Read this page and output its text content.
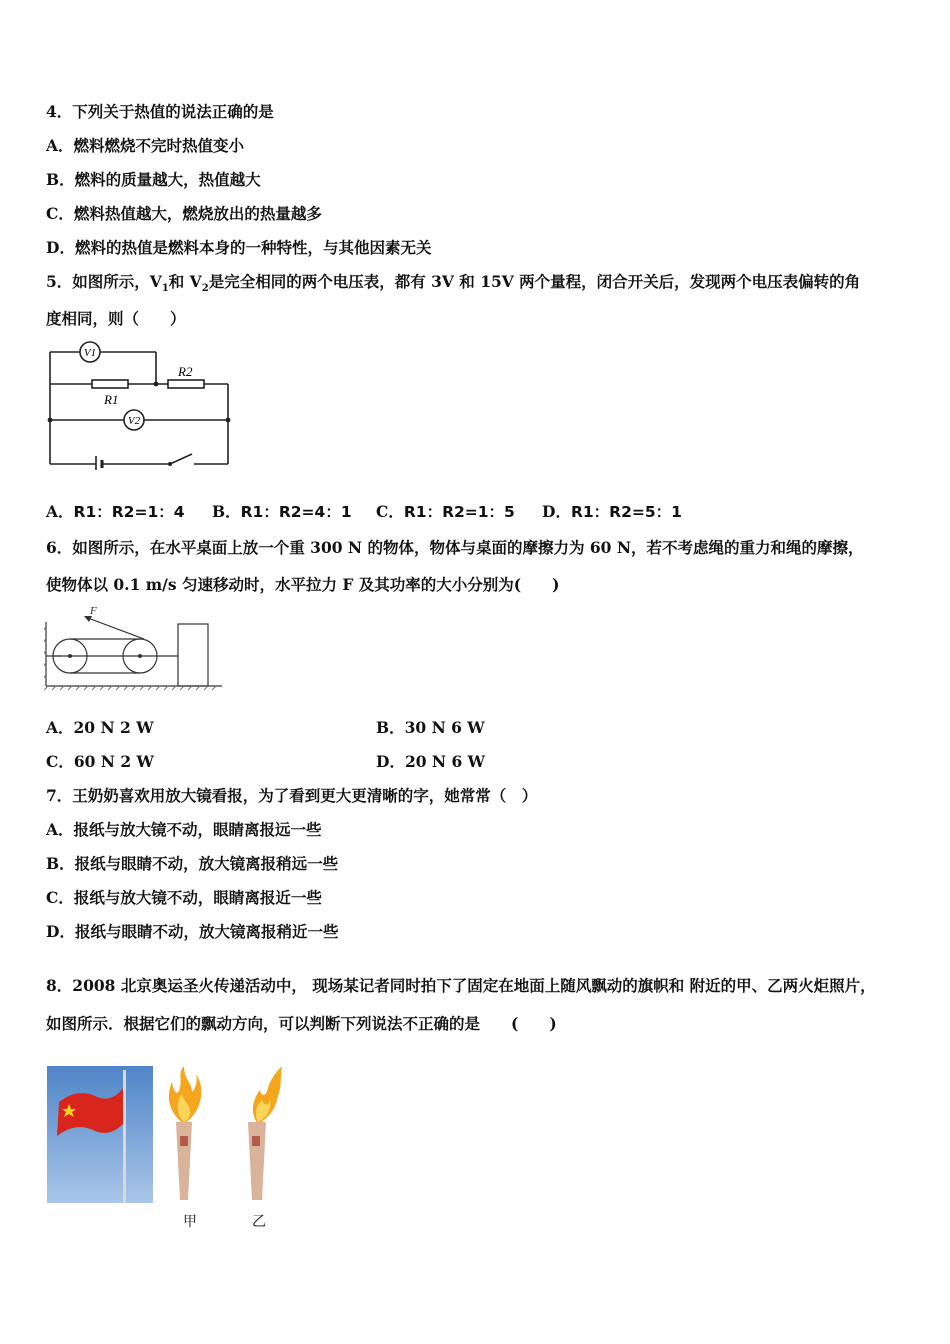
4．下列关于热值的说法正确的是
A．燃料燃烧不完时热值变小
B．燃料的质量越大，热值越大
C．燃料热值越大，燃烧放出的热量越多
D．燃料的热值是燃料本身的一种特性，与其他因素无关
5．如图所示，$V_1$和 $V_2$是完全相同的两个电压表，都有 3V 和 15V 两个量程，闭合开关后，发现两个电压表偏转的角
度相同，则（　　）
V1
V2
R1
R2
A．R1：R2=1：4 B．R1：R2=4：1 C．R1：R2=1：5 D．R1：R2=5：1
6．如图所示，在水平桌面上放一个重 300 N 的物体，物体与桌面的摩擦力为 60 N，若不考虑绳的重力和绳的摩擦，
使物体以 0.1 m/s 匀速移动时，水平拉力 F 及其功率的大小分别为(　　)
F
A．20 N 2 W	B．30 N 6 W
C．60 N 2 W	D．20 N 6 W
7．王奶奶喜欢用放大镜看报，为了看到更大更清晰的字，她常常（　）
A．报纸与放大镜不动，眼睛离报远一些
B．报纸与眼睛不动，放大镜离报稍远一些
C．报纸与放大镜不动，眼睛离报近一些
D．报纸与眼睛不动，放大镜离报稍近一些
8．2008 北京奥运圣火传递活动中， 现场某记者同时拍下了固定在地面上随风飘动的旗帜和 附近的甲、乙两火炬照片，
如图所示．根据它们的飘动方向，可以判断下列说法不正确的是　　(　　)
甲	乙
